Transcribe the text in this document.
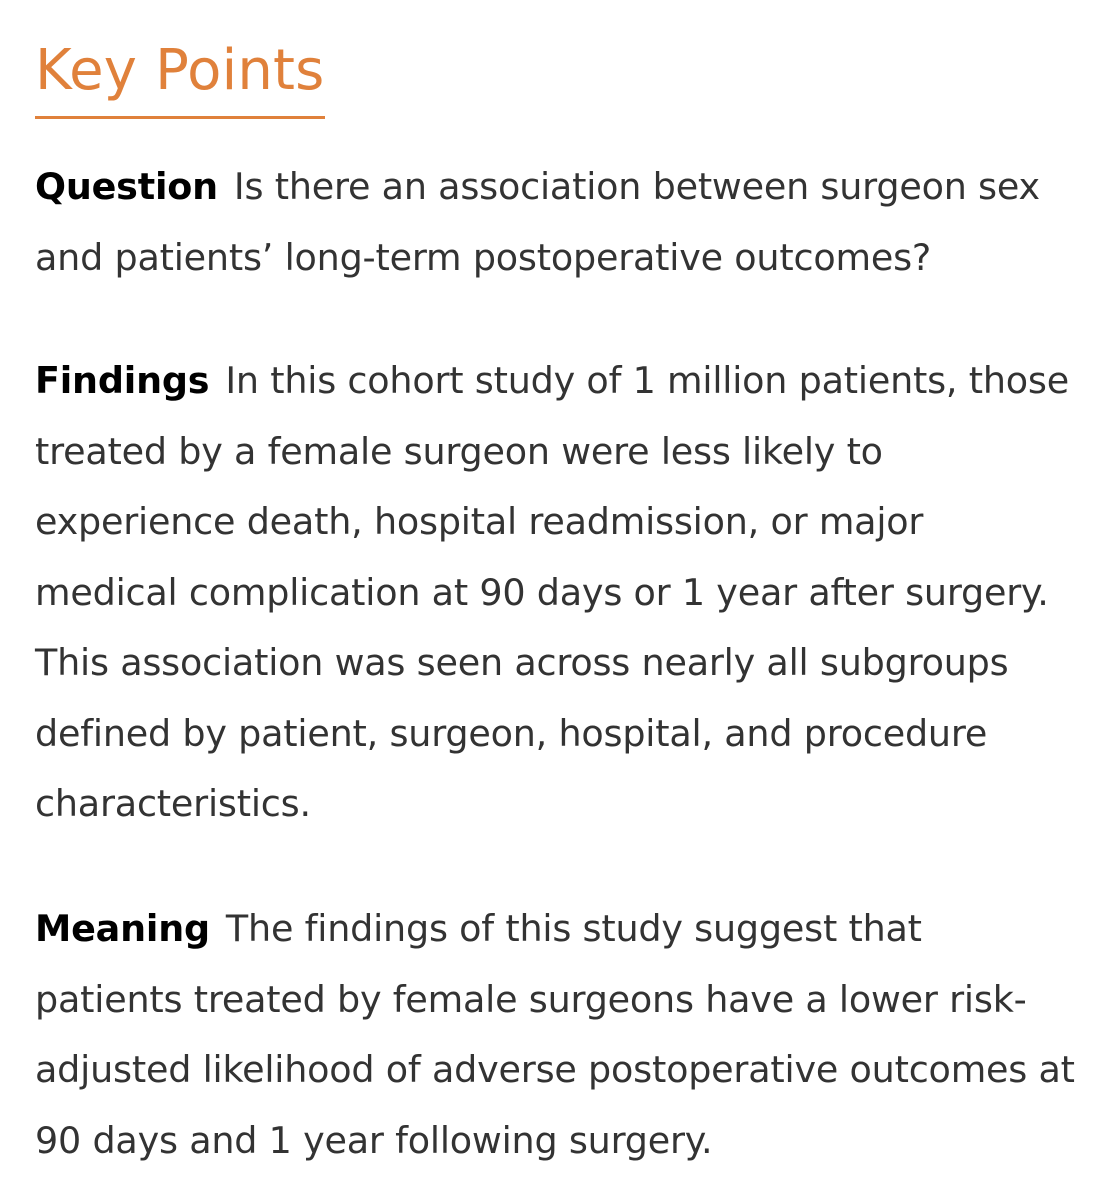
Key Points

Question Is there an association between surgeon sex and patients’ long-term postoperative outcomes?

Findings In this cohort study of 1 million patients, those treated by a female surgeon were less likely to experience death, hospital readmission, or major medical complication at 90 days or 1 year after surgery. This association was seen across nearly all subgroups defined by patient, surgeon, hospital, and procedure characteristics.

Meaning The findings of this study suggest that patients treated by female surgeons have a lower risk-adjusted likelihood of adverse postoperative outcomes at 90 days and 1 year following surgery.
